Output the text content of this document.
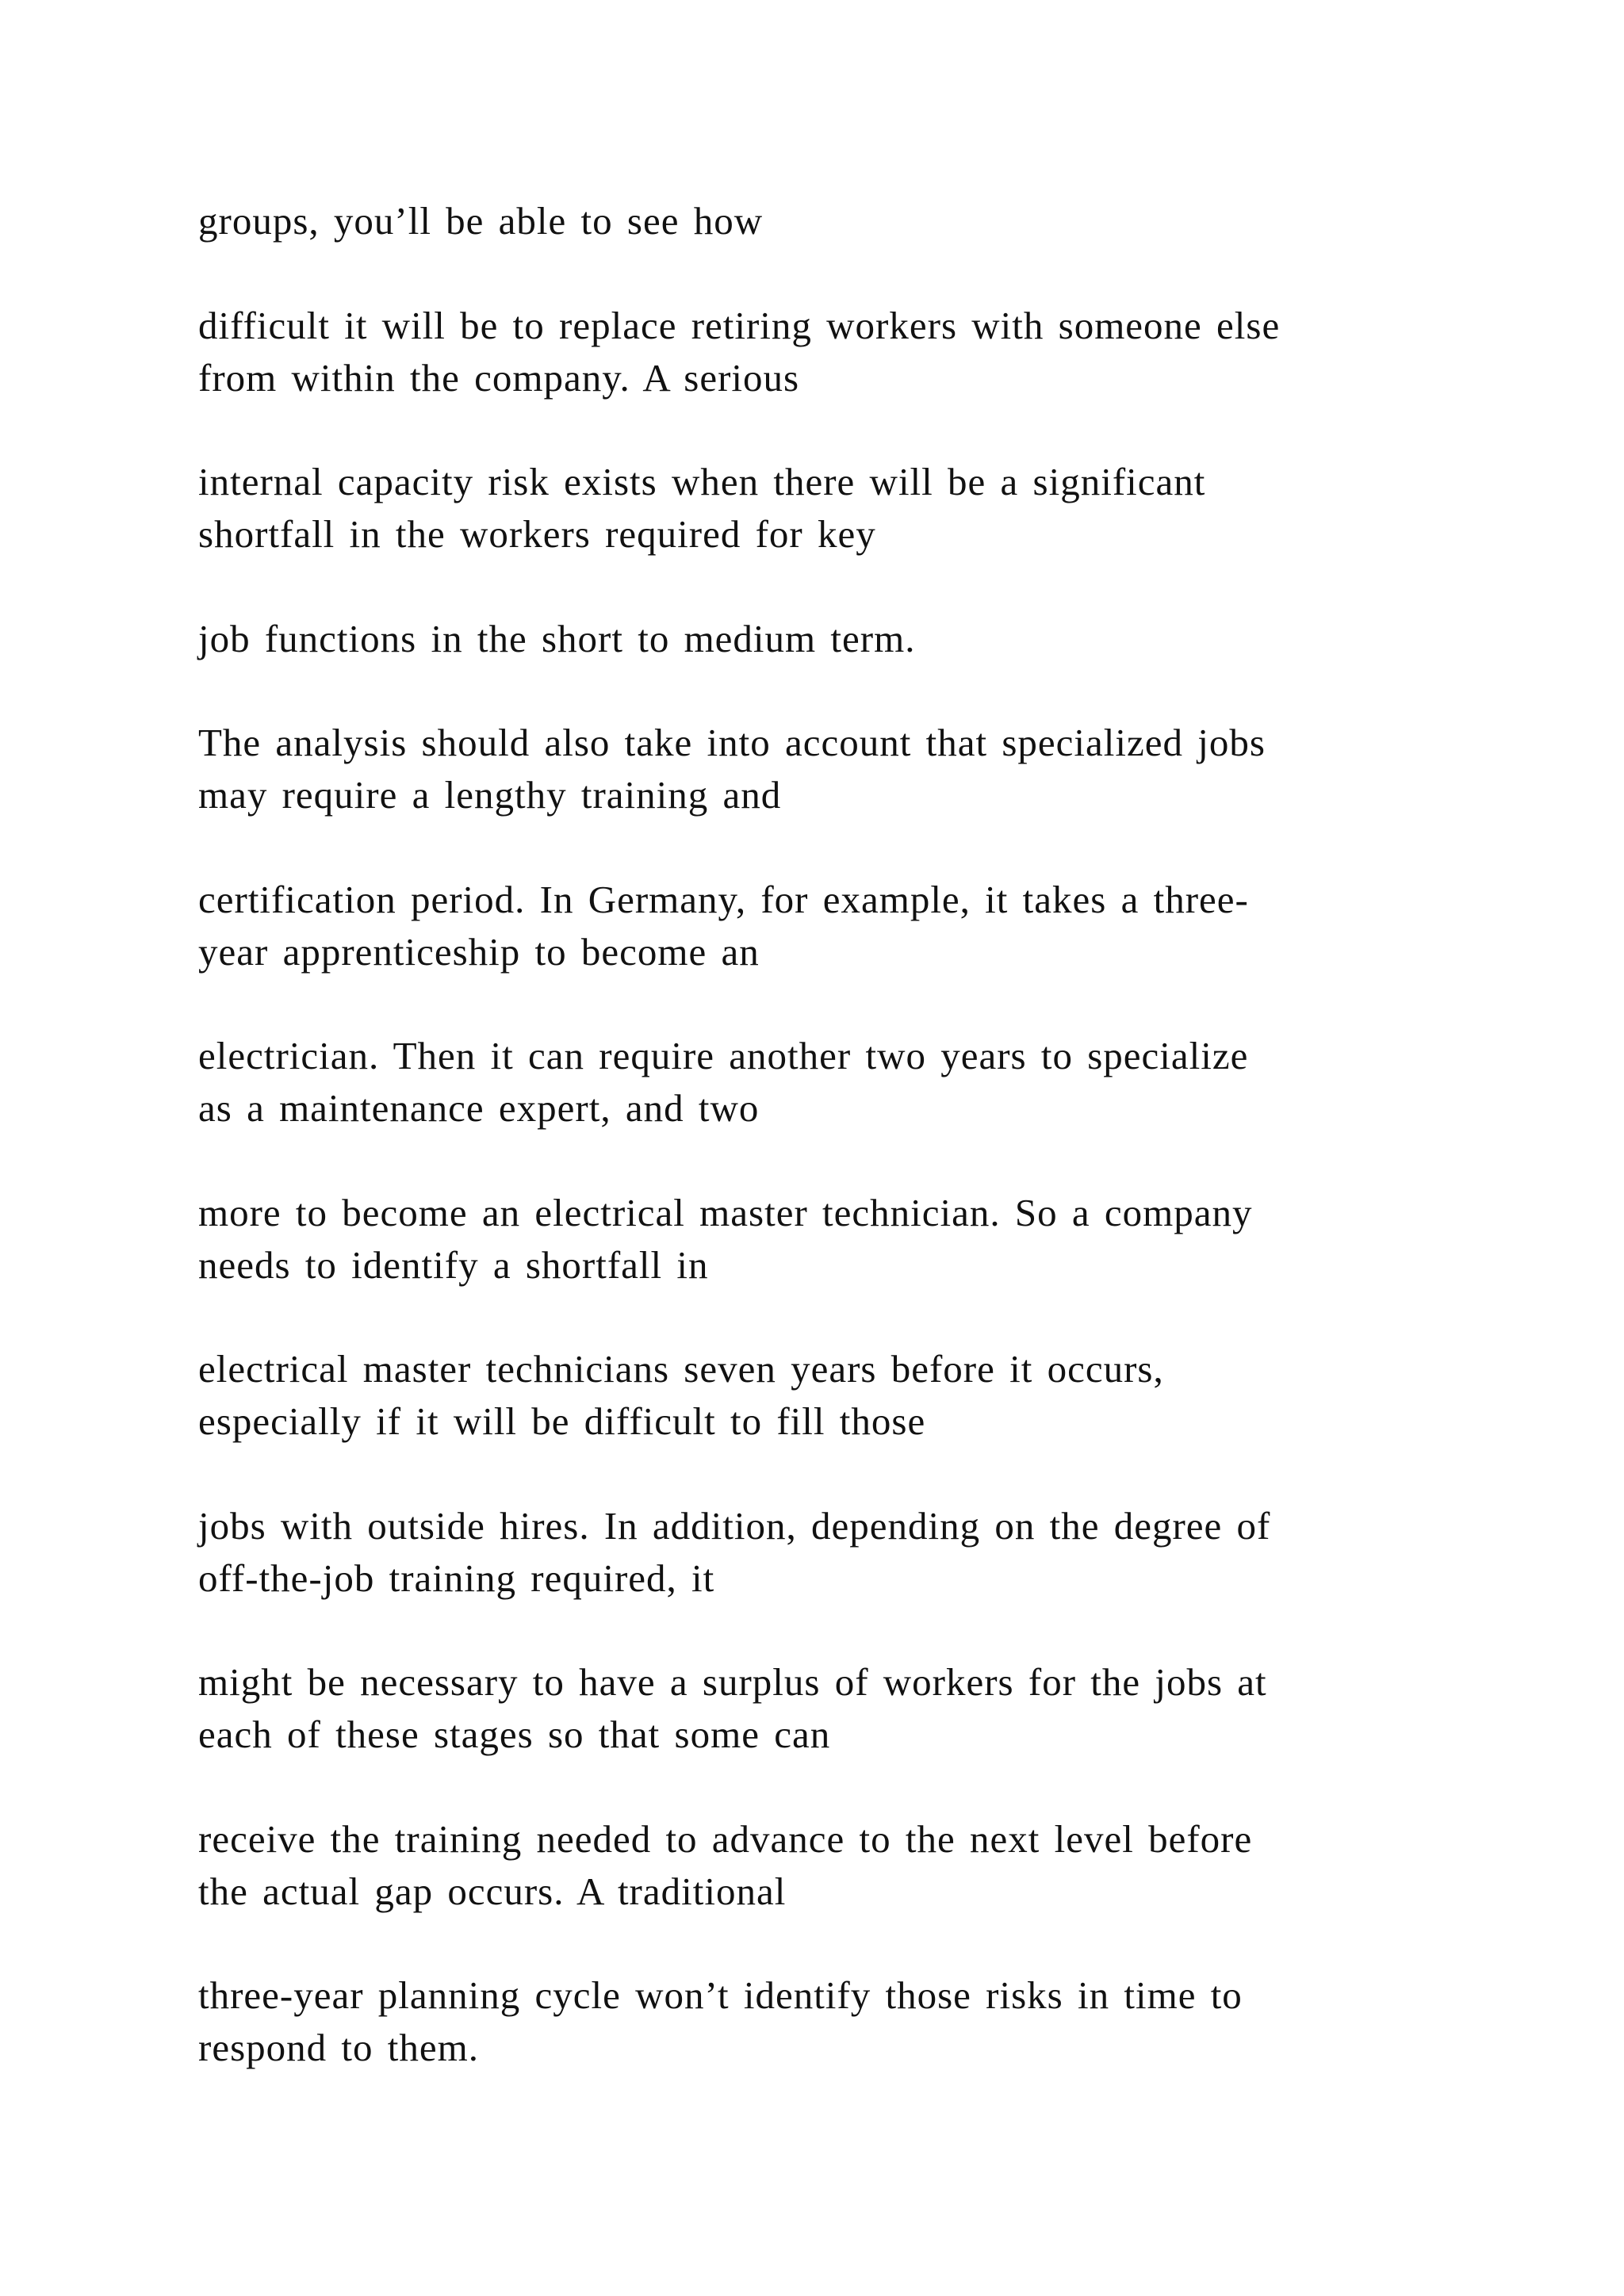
groups, you’ll be able to see how

difficult it will be to replace retiring workers with someone else
from within the company. A serious

internal capacity risk exists when there will be a significant
shortfall in the workers required for key

job functions in the short to medium term.

The analysis should also take into account that specialized jobs
may require a lengthy training and

certification period. In Germany, for example, it takes a three-
year apprenticeship to become an

electrician. Then it can require another two years to specialize
as a maintenance expert, and two

more to become an electrical master technician. So a company
needs to identify a shortfall in

electrical master technicians seven years before it occurs,
especially if it will be difficult to fill those

jobs with outside hires. In addition, depending on the degree of
off-the-job training required, it

might be necessary to have a surplus of workers for the jobs at
each of these stages so that some can

receive the training needed to advance to the next level before
the actual gap occurs. A traditional

three-year planning cycle won’t identify those risks in time to
respond to them.
